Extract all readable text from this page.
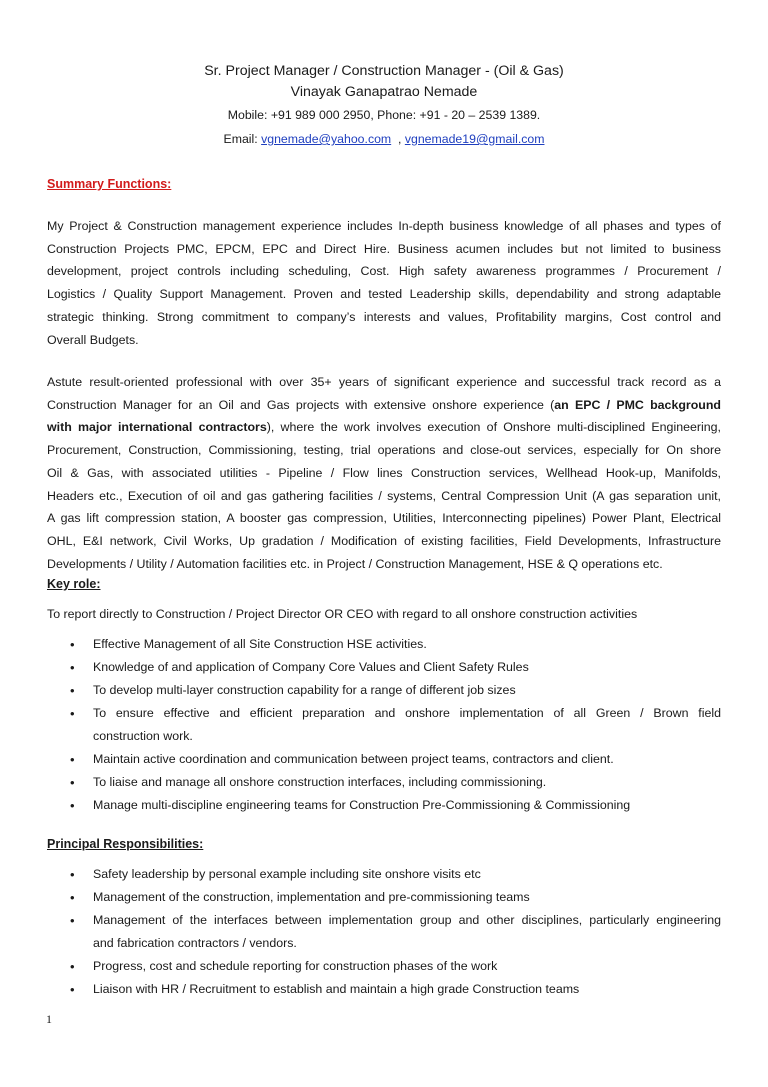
Sr. Project Manager / Construction Manager - (Oil & Gas)
Vinayak Ganapatrao Nemade
Mobile: +91 989 000 2950, Phone: +91 - 20 – 2539 1389.
Email: vgnemade@yahoo.com  , vgnemade19@gmail.com
Summary Functions:
My Project & Construction management experience includes In-depth business knowledge of all phases and types of
Construction Projects PMC, EPCM, EPC and Direct Hire. Business acumen includes but not limited to business
development, project controls including scheduling, Cost. High safety awareness programmes / Procurement /
Logistics / Quality Support Management. Proven and tested Leadership skills, dependability and strong adaptable
strategic thinking. Strong commitment to company’s interests and values, Profitability margins, Cost control and
Overall Budgets.
Astute result-oriented professional with over 35+ years of significant experience and successful track record as a
Construction Manager for an Oil and Gas projects with extensive onshore experience (an EPC / PMC background
with major international contractors), where the work involves execution of Onshore multi-disciplined Engineering,
Procurement, Construction, Commissioning, testing, trial operations and close-out services, especially for On shore
Oil & Gas, with associated utilities - Pipeline / Flow lines Construction services, Wellhead Hook-up, Manifolds,
Headers etc., Execution of oil and gas gathering facilities / systems, Central Compression Unit (A gas separation unit,
A gas lift compression station, A booster gas compression, Utilities, Interconnecting pipelines) Power Plant, Electrical
OHL, E&I network, Civil Works, Up gradation / Modification of existing facilities, Field Developments, Infrastructure
Developments / Utility / Automation facilities etc. in Project / Construction Management, HSE & Q operations etc.
Key role:
To report directly to Construction / Project Director OR CEO with regard to all onshore construction activities
• Effective Management of all Site Construction HSE activities.
• Knowledge of and application of Company Core Values and Client Safety Rules
• To develop multi-layer construction capability for a range of different job sizes
• To ensure effective and efficient preparation and onshore implementation of all Green / Brown field
construction work.
• Maintain active coordination and communication between project teams, contractors and client.
• To liaise and manage all onshore construction interfaces, including commissioning.
• Manage multi-discipline engineering teams for Construction Pre-Commissioning & Commissioning
Principal Responsibilities:
• Safety leadership by personal example including site onshore visits etc
• Management of the construction, implementation and pre-commissioning teams
• Management of the interfaces between implementation group and other disciplines, particularly engineering
and fabrication contractors / vendors.
• Progress, cost and schedule reporting for construction phases of the work
• Liaison with HR / Recruitment to establish and maintain a high grade Construction teams
1
